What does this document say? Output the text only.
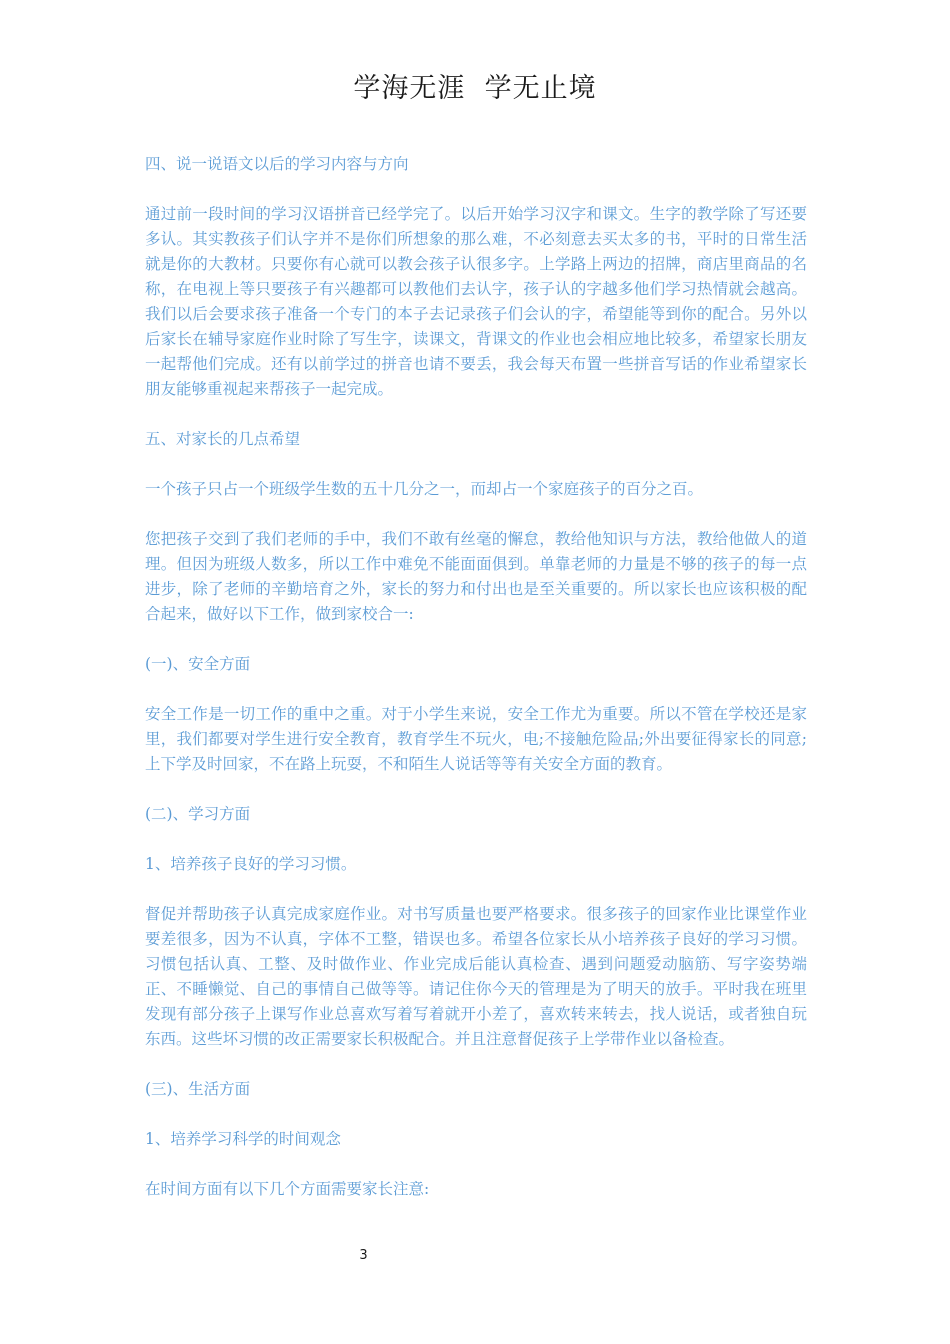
学海无涯  学无止境

四、说一说语文以后的学习内容与方向

通过前一段时间的学习汉语拼音已经学完了。以后开始学习汉字和课文。生字的教学除了写还要多认。其实教孩子们认字并不是你们所想象的那么难，不必刻意去买太多的书，平时的日常生活就是你的大教材。只要你有心就可以教会孩子认很多字。上学路上两边的招牌，商店里商品的名称，在电视上等只要孩子有兴趣都可以教他们去认字，孩子认的字越多他们学习热情就会越高。我们以后会要求孩子准备一个专门的本子去记录孩子们会认的字，希望能等到你的配合。另外以后家长在辅导家庭作业时除了写生字，读课文，背课文的作业也会相应地比较多，希望家长朋友一起帮他们完成。还有以前学过的拼音也请不要丢，我会每天布置一些拼音写话的作业希望家长朋友能够重视起来帮孩子一起完成。

五、对家长的几点希望

一个孩子只占一个班级学生数的五十几分之一，而却占一个家庭孩子的百分之百。

您把孩子交到了我们老师的手中，我们不敢有丝毫的懈怠，教给他知识与方法，教给他做人的道理。但因为班级人数多，所以工作中难免不能面面俱到。单靠老师的力量是不够的孩子的每一点进步，除了老师的辛勤培育之外，家长的努力和付出也是至关重要的。所以家长也应该积极的配合起来，做好以下工作，做到家校合一:

(一)、安全方面

安全工作是一切工作的重中之重。对于小学生来说，安全工作尤为重要。所以不管在学校还是家里，我们都要对学生进行安全教育，教育学生不玩火，电;不接触危险品;外出要征得家长的同意;上下学及时回家，不在路上玩耍，不和陌生人说话等等有关安全方面的教育。

(二)、学习方面

1、培养孩子良好的学习习惯。

督促并帮助孩子认真完成家庭作业。对书写质量也要严格要求。很多孩子的回家作业比课堂作业要差很多，因为不认真，字体不工整，错误也多。希望各位家长从小培养孩子良好的学习习惯。习惯包括认真、工整、及时做作业、作业完成后能认真检查、遇到问题爱动脑筋、写字姿势端正、不睡懒觉、自己的事情自己做等等。请记住你今天的管理是为了明天的放手。平时我在班里发现有部分孩子上课写作业总喜欢写着写着就开小差了，喜欢转来转去，找人说话，或者独自玩东西。这些坏习惯的改正需要家长积极配合。并且注意督促孩子上学带作业以备检查。

(三)、生活方面

1、培养学习科学的时间观念

在时间方面有以下几个方面需要家长注意:

3
